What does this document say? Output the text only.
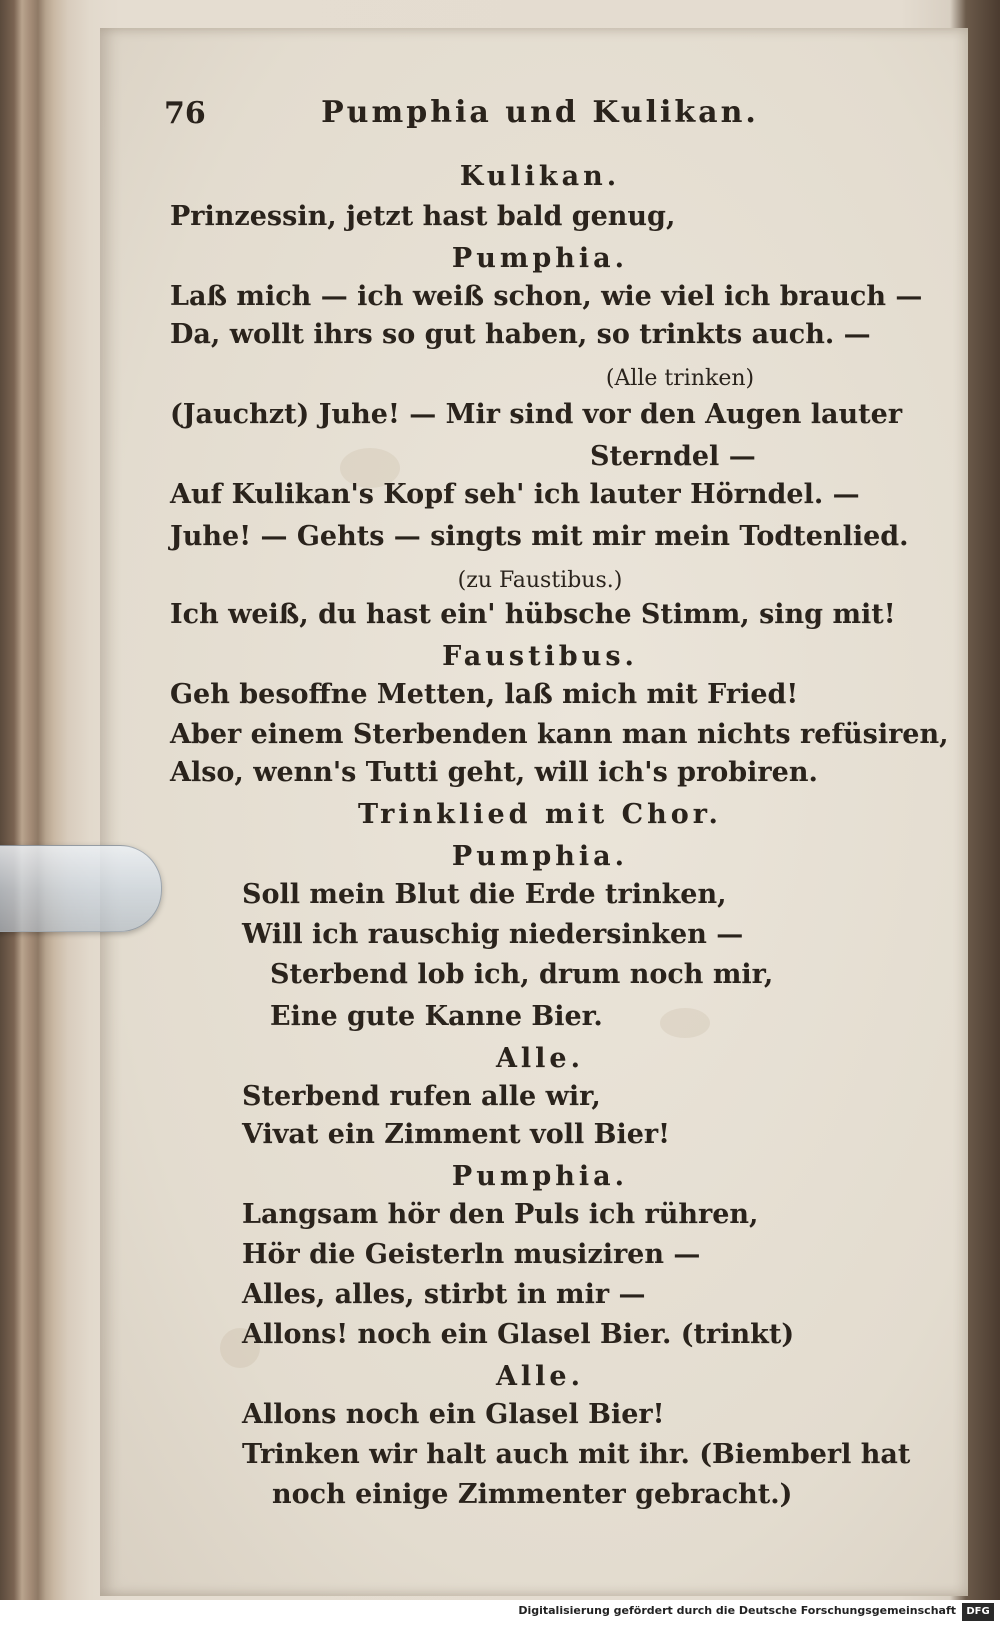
76	Pumphia und Kulikan.
Kulikan.
Prinzessin, jetzt hast bald genug,
Pumphia.
Laß mich — ich weiß schon, wie viel ich brauch —
Da, wollt ihrs so gut haben, so trinkts auch. —
(Alle trinken)
(Jauchzt) Juhe! — Mir sind vor den Augen lauter
Sterndel —
Auf Kulikan's Kopf seh' ich lauter Hörndel. —
Juhe! — Gehts — singts mit mir mein Todtenlied.
(zu Faustibus.)
Ich weiß, du hast ein' hübsche Stimm, sing mit!
Faustibus.
Geh besoffne Metten, laß mich mit Fried!
Aber einem Sterbenden kann man nichts refüsiren,
Also, wenn's Tutti geht, will ich's probiren.
Trinklied mit Chor.
Pumphia.
Soll mein Blut die Erde trinken,
Will ich rauschig niedersinken —
Sterbend lob ich, drum noch mir,
Eine gute Kanne Bier.
Alle.
Sterbend rufen alle wir,
Vivat ein Zimment voll Bier!
Pumphia.
Langsam hör den Puls ich rühren,
Hör die Geisterln musiziren —
Alles, alles, stirbt in mir —
Allons! noch ein Glasel Bier. (trinkt)
Alle.
Allons noch ein Glasel Bier!
Trinken wir halt auch mit ihr. (Biemberl hat
noch einige Zimmenter gebracht.)
Digitalisierung gefördert durch die Deutsche Forschungsgemeinschaft	DFG
